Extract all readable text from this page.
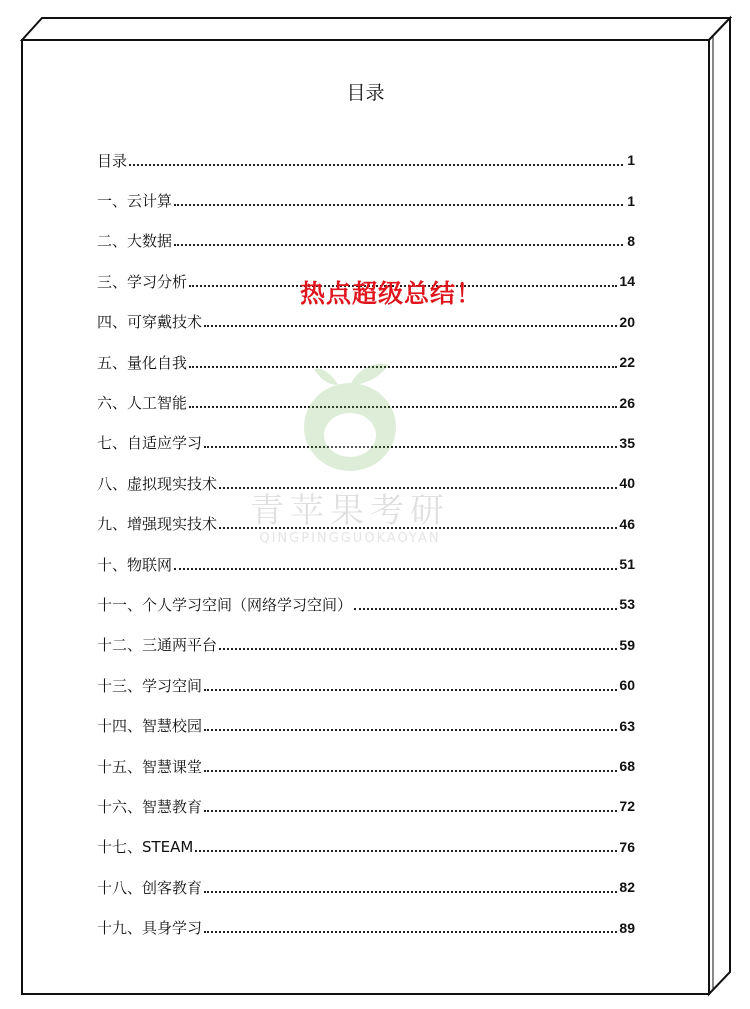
目录
目录	1
一、云计算	1
二、大数据	8
三、学习分析	14
四、可穿戴技术	20
五、量化自我	22
六、人工智能	26
七、自适应学习	35
八、虚拟现实技术	40
九、增强现实技术	46
十、物联网	51
十一、个人学习空间（网络学习空间）	53
十二、三通两平台	59
十三、学习空间	60
十四、智慧校园	63
十五、智慧课堂	68
十六、智慧教育	72
十七、STEAM	76
十八、创客教育	82
十九、具身学习	89
青苹果考研
QINGPINGGUOKAOYAN
热点超级总结！
